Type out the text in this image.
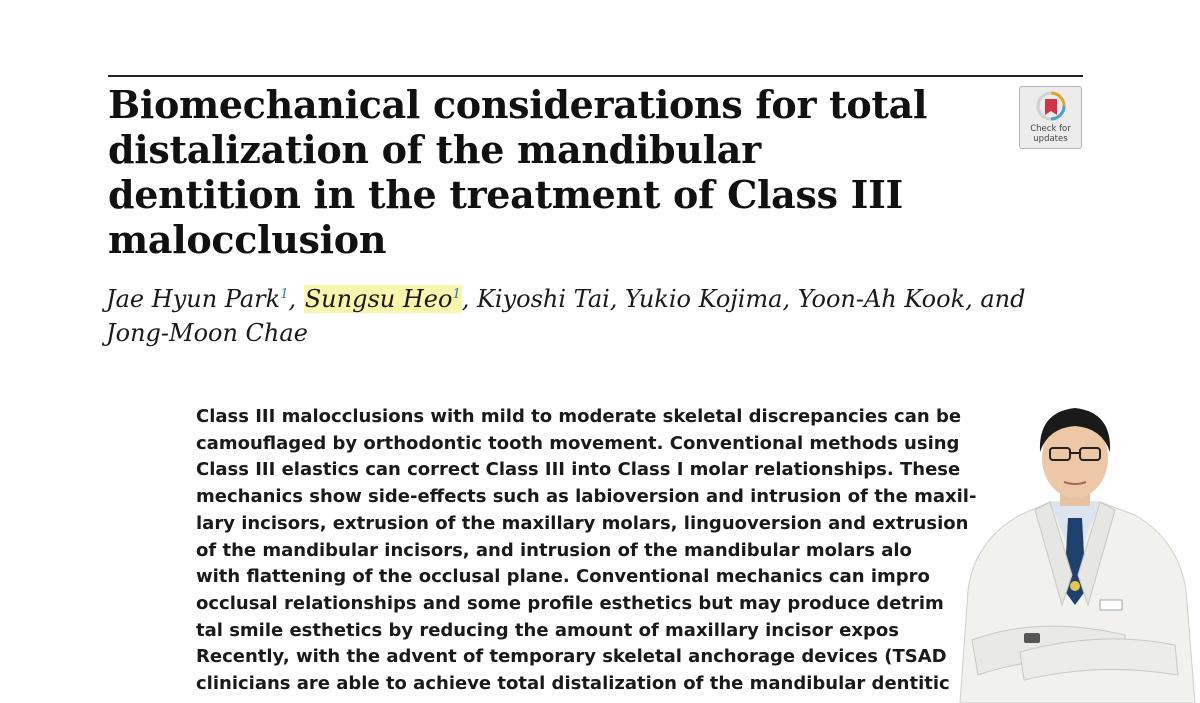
Biomechanical considerations for total
distalization of the mandibular
dentition in the treatment of Class III
malocclusion
Check for
updates
Jae Hyun Park$^1$, Sungsu Heo$^1$, Kiyoshi Tai, Yukio Kojima, Yoon-Ah Kook, and
Jong-Moon Chae
Class III malocclusions with mild to moderate skeletal discrepancies can be
camouflaged by orthodontic tooth movement. Conventional methods using
Class III elastics can correct Class III into Class I molar relationships. These
mechanics show side-effects such as labioversion and intrusion of the maxil-
lary incisors, extrusion of the maxillary molars, linguoversion and extrusion
of the mandibular incisors, and intrusion of the mandibular molars alo
with flattening of the occlusal plane. Conventional mechanics can impro
occlusal relationships and some profile esthetics but may produce detrim
tal smile esthetics by reducing the amount of maxillary incisor expos
Recently, with the advent of temporary skeletal anchorage devices (TSAD
clinicians are able to achieve total distalization of the mandibular dentitic
